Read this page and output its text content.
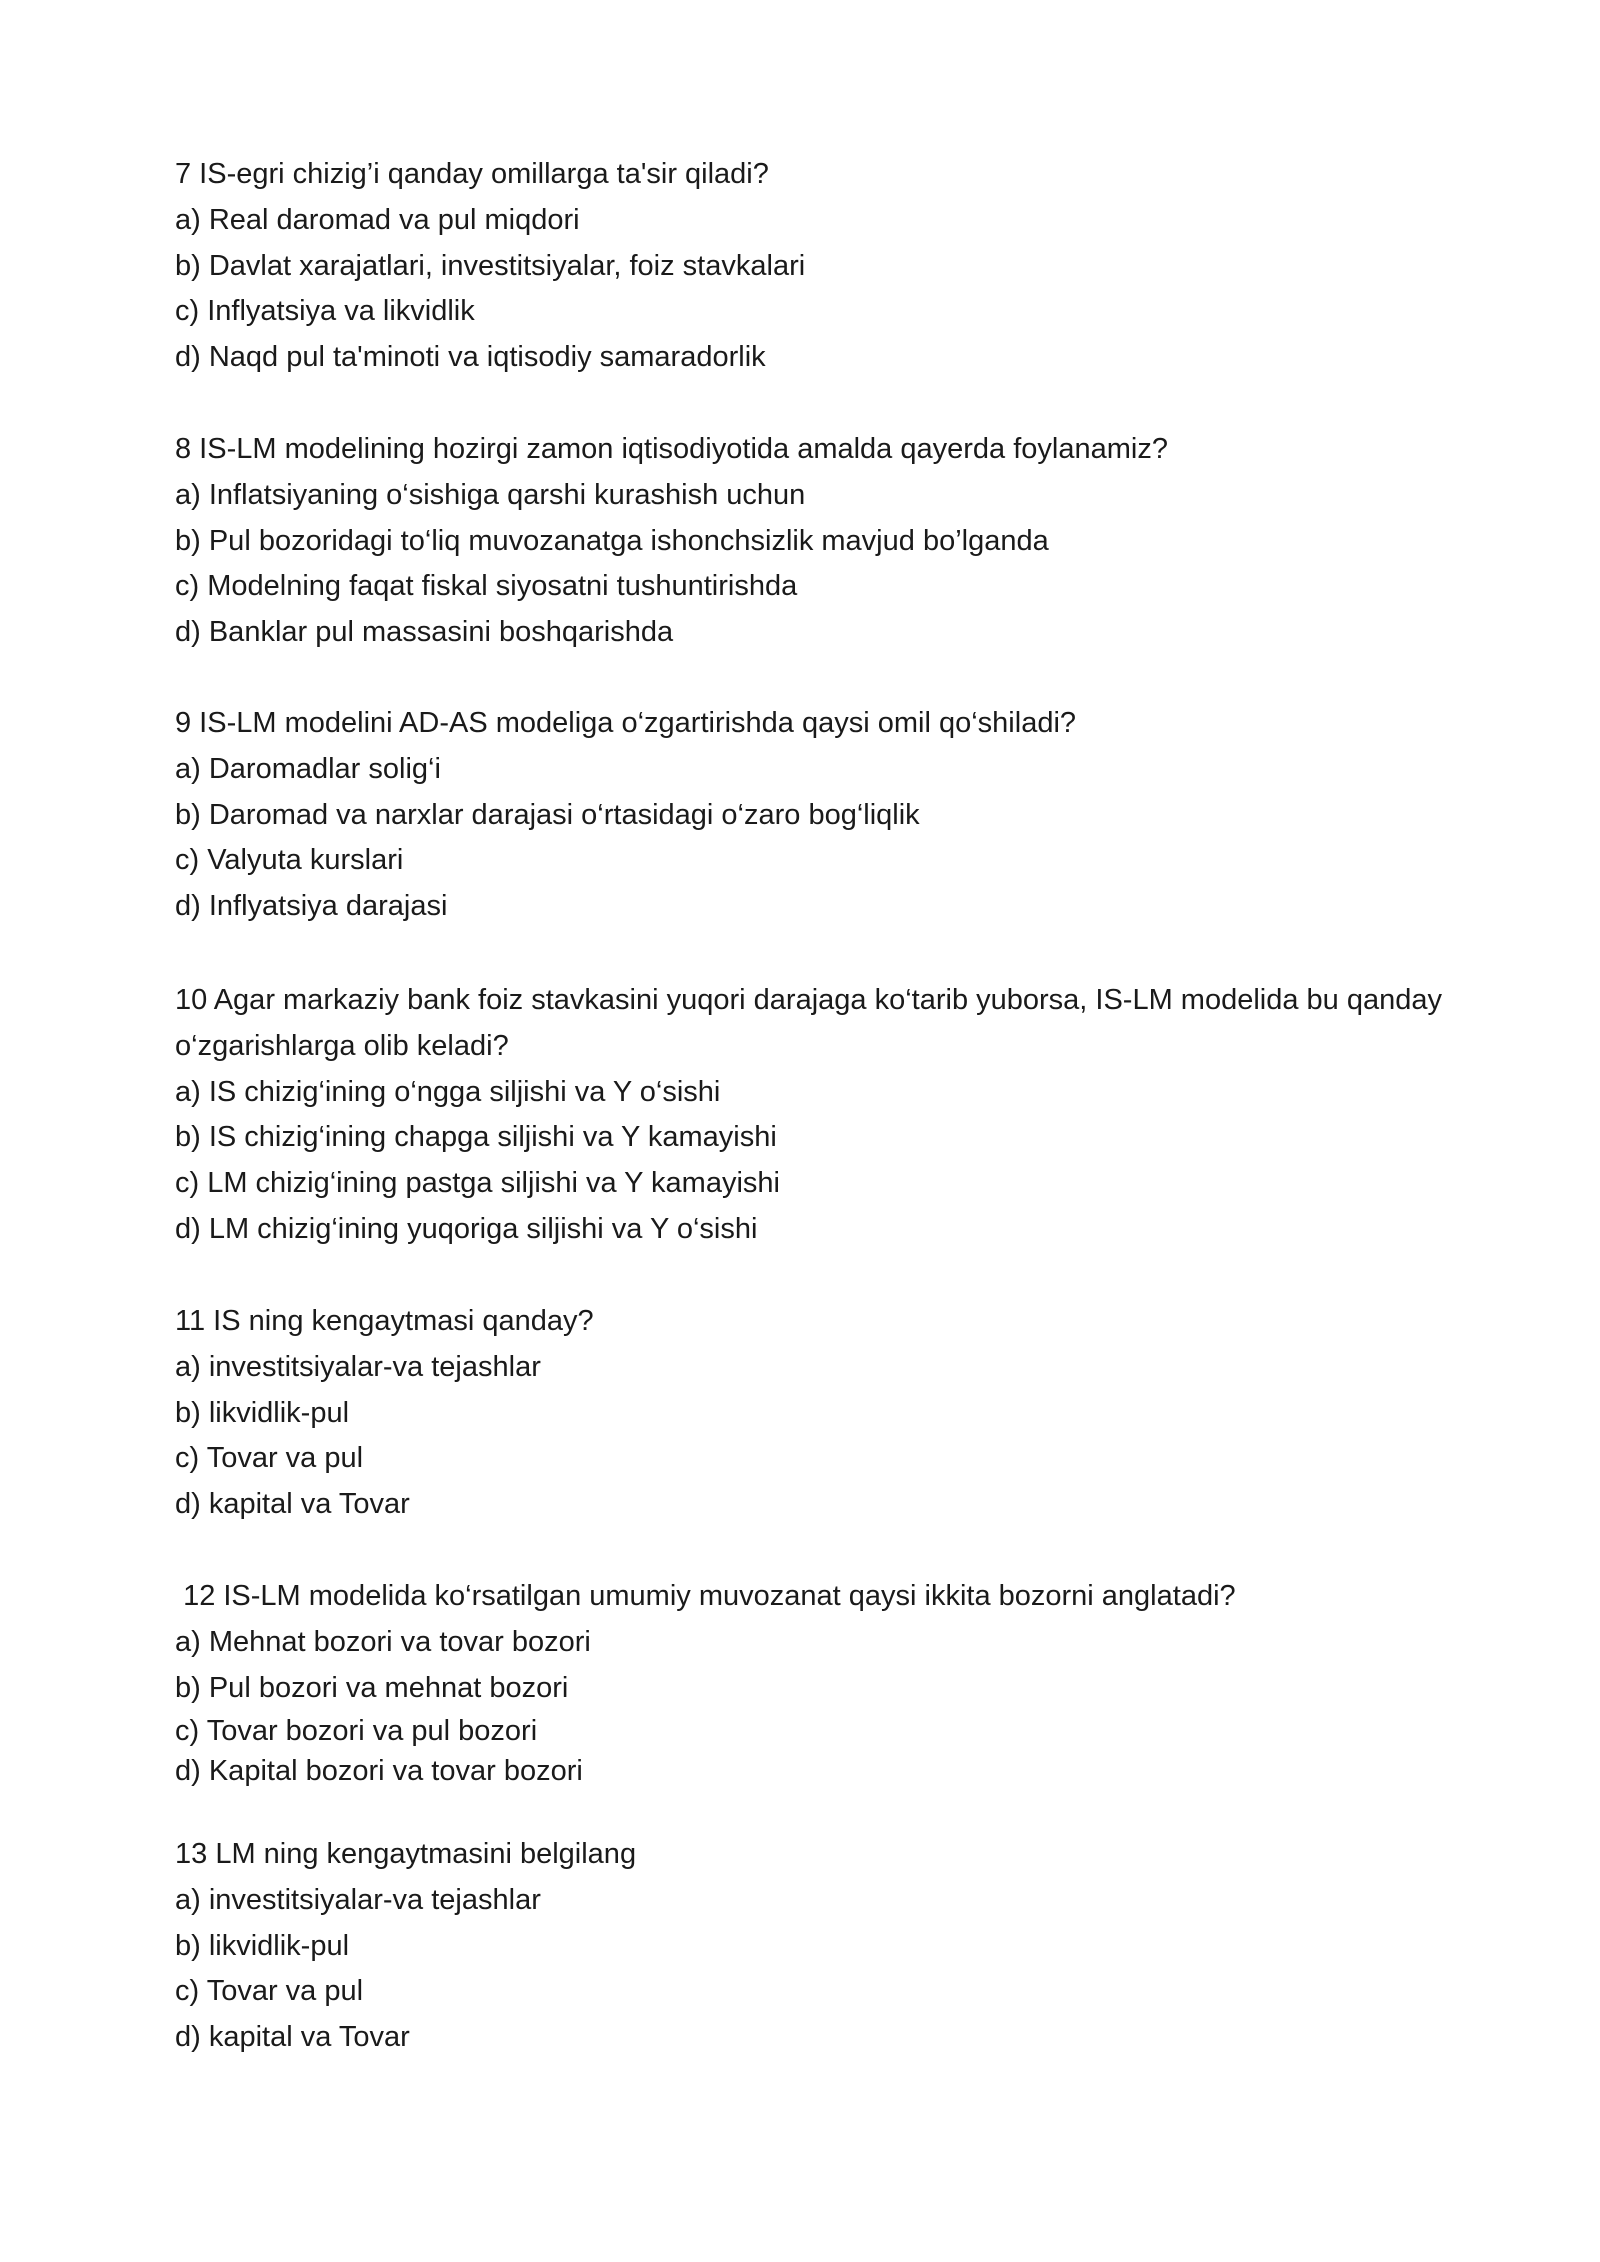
7 IS-egri chizig’i qanday omillarga ta'sir qiladi?

a) Real daromad va pul miqdori

b) Davlat xarajatlari, investitsiyalar, foiz stavkalari

c) Inflyatsiya va likvidlik

d) Naqd pul ta'minoti va iqtisodiy samaradorlik

8 IS-LM modelining hozirgi zamon iqtisodiyotida amalda qayerda foylanamiz?

a) Inflatsiyaning o‘sishiga qarshi kurashish uchun

b) Pul bozoridagi to‘liq muvozanatga ishonchsizlik mavjud bo’lganda

c) Modelning faqat fiskal siyosatni tushuntirishda

d) Banklar pul massasini boshqarishda

9 IS-LM modelini AD-AS modeliga o‘zgartirishda qaysi omil qo‘shiladi?

a) Daromadlar solig‘i

b) Daromad va narxlar darajasi o‘rtasidagi o‘zaro bog‘liqlik

c) Valyuta kurslari

d) Inflyatsiya darajasi

10 Agar markaziy bank foiz stavkasini yuqori darajaga ko‘tarib yuborsa, IS-LM modelida bu qanday o‘zgarishlarga olib keladi?

a) IS chizig‘ining o‘ngga siljishi va Y o‘sishi

b) IS chizig‘ining chapga siljishi va Y kamayishi

c) LM chizig‘ining pastga siljishi va Y kamayishi

d) LM chizig‘ining yuqoriga siljishi va Y o‘sishi

11 IS ning kengaytmasi qanday?

a) investitsiyalar-va tejashlar

b) likvidlik-pul

c) Tovar va pul

d) kapital va Tovar

12 IS-LM modelida ko‘rsatilgan umumiy muvozanat qaysi ikkita bozorni anglatadi?

a) Mehnat bozori va tovar bozori

b) Pul bozori va mehnat bozori

c) Tovar bozori va pul bozori

d) Kapital bozori va tovar bozori

13 LM ning kengaytmasini belgilang

a) investitsiyalar-va tejashlar

b) likvidlik-pul

c) Tovar va pul

d) kapital va Tovar
